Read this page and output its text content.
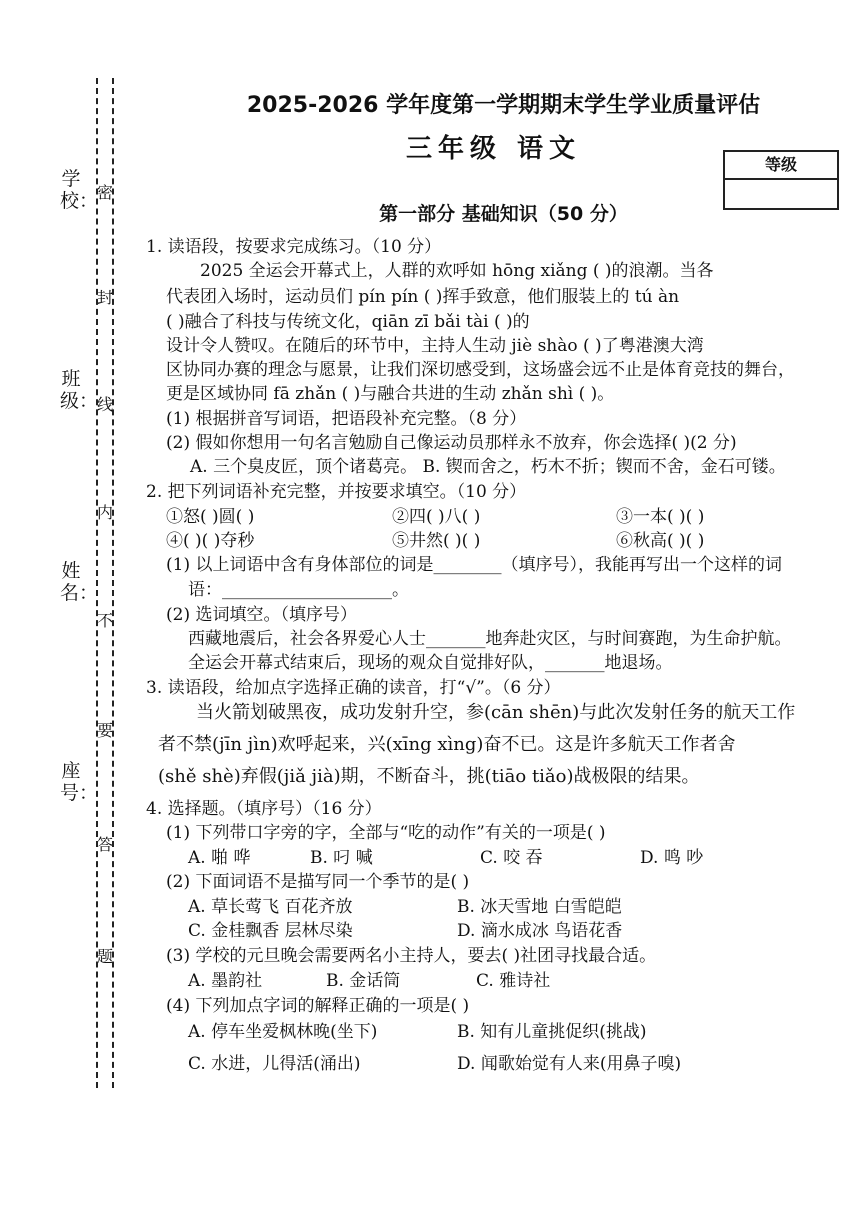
学校：
班级：
姓名：
座号：
密
封
线
内
不
要
答
题
2025-2026 学年度第一学期期末学生学业质量评估
三年级 语文
等级
第一部分 基础知识（50 分）
1. 读语段，按要求完成练习。（10 分）
2025 全运会开幕式上，人群的欢呼如 hōng xiǎng ( )的浪潮。当各
代表团入场时，运动员们 pín pín ( )挥手致意，他们服装上的 tú àn
( )融合了科技与传统文化，qiān zī bǎi tài ( )的
设计令人赞叹。在随后的环节中，主持人生动 jiè shào ( )了粤港澳大湾
区协同办赛的理念与愿景，让我们深切感受到，这场盛会远不止是体育竞技的舞台，
更是区域协同 fā zhǎn ( )与融合共进的生动 zhǎn shì ( )。
(1) 根据拼音写词语，把语段补充完整。（8 分）
(2) 假如你想用一句名言勉励自己像运动员那样永不放弃，你会选择( )(2 分)
A. 三个臭皮匠，顶个诸葛亮。 B. 锲而舍之，朽木不折；锲而不舍，金石可镂。
2. 把下列词语补充完整，并按要求填空。（10 分）
①怒( )圆( )	②四( )八( )	③一本( )( )
④( )( )夺秒	⑤井然( )( )	⑥秋高( )( )
(1) 以上词语中含有身体部位的词是________（填序号），我能再写出一个这样的词
语：____________________。
(2) 选词填空。（填序号）
西藏地震后，社会各界爱心人士_______地奔赴灾区，与时间赛跑，为生命护航。
全运会开幕式结束后，现场的观众自觉排好队，_______地退场。
3. 读语段，给加点字选择正确的读音，打“√”。（6 分）
当火箭划破黑夜，成功发射升空，参(cān shēn)与此次发射任务的航天工作
者不禁(jīn jìn)欢呼起来，兴(xīng xìng)奋不已。这是许多航天工作者舍
(shě shè)弃假(jiǎ jià)期，不断奋斗，挑(tiāo tiǎo)战极限的结果。
4. 选择题。（填序号）（16 分）
(1) 下列带口字旁的字，全部与“吃的动作”有关的一项是( )
A. 啪 哗	B. 叼 喊	C. 咬 吞	D. 鸣 吵
(2) 下面词语不是描写同一个季节的是( )
A. 草长莺飞 百花齐放	B. 冰天雪地 白雪皑皑
C. 金桂飘香 层林尽染	D. 滴水成冰 鸟语花香
(3) 学校的元旦晚会需要两名小主持人，要去( )社团寻找最合适。
A. 墨韵社	B. 金话筒	C. 雅诗社
(4) 下列加点字词的解释正确的一项是( )
A. 停车坐爱枫林晚(坐下)	B. 知有儿童挑促织(挑战)
C. 水进，儿得活(涌出)	D. 闻歌始觉有人来(用鼻子嗅)
